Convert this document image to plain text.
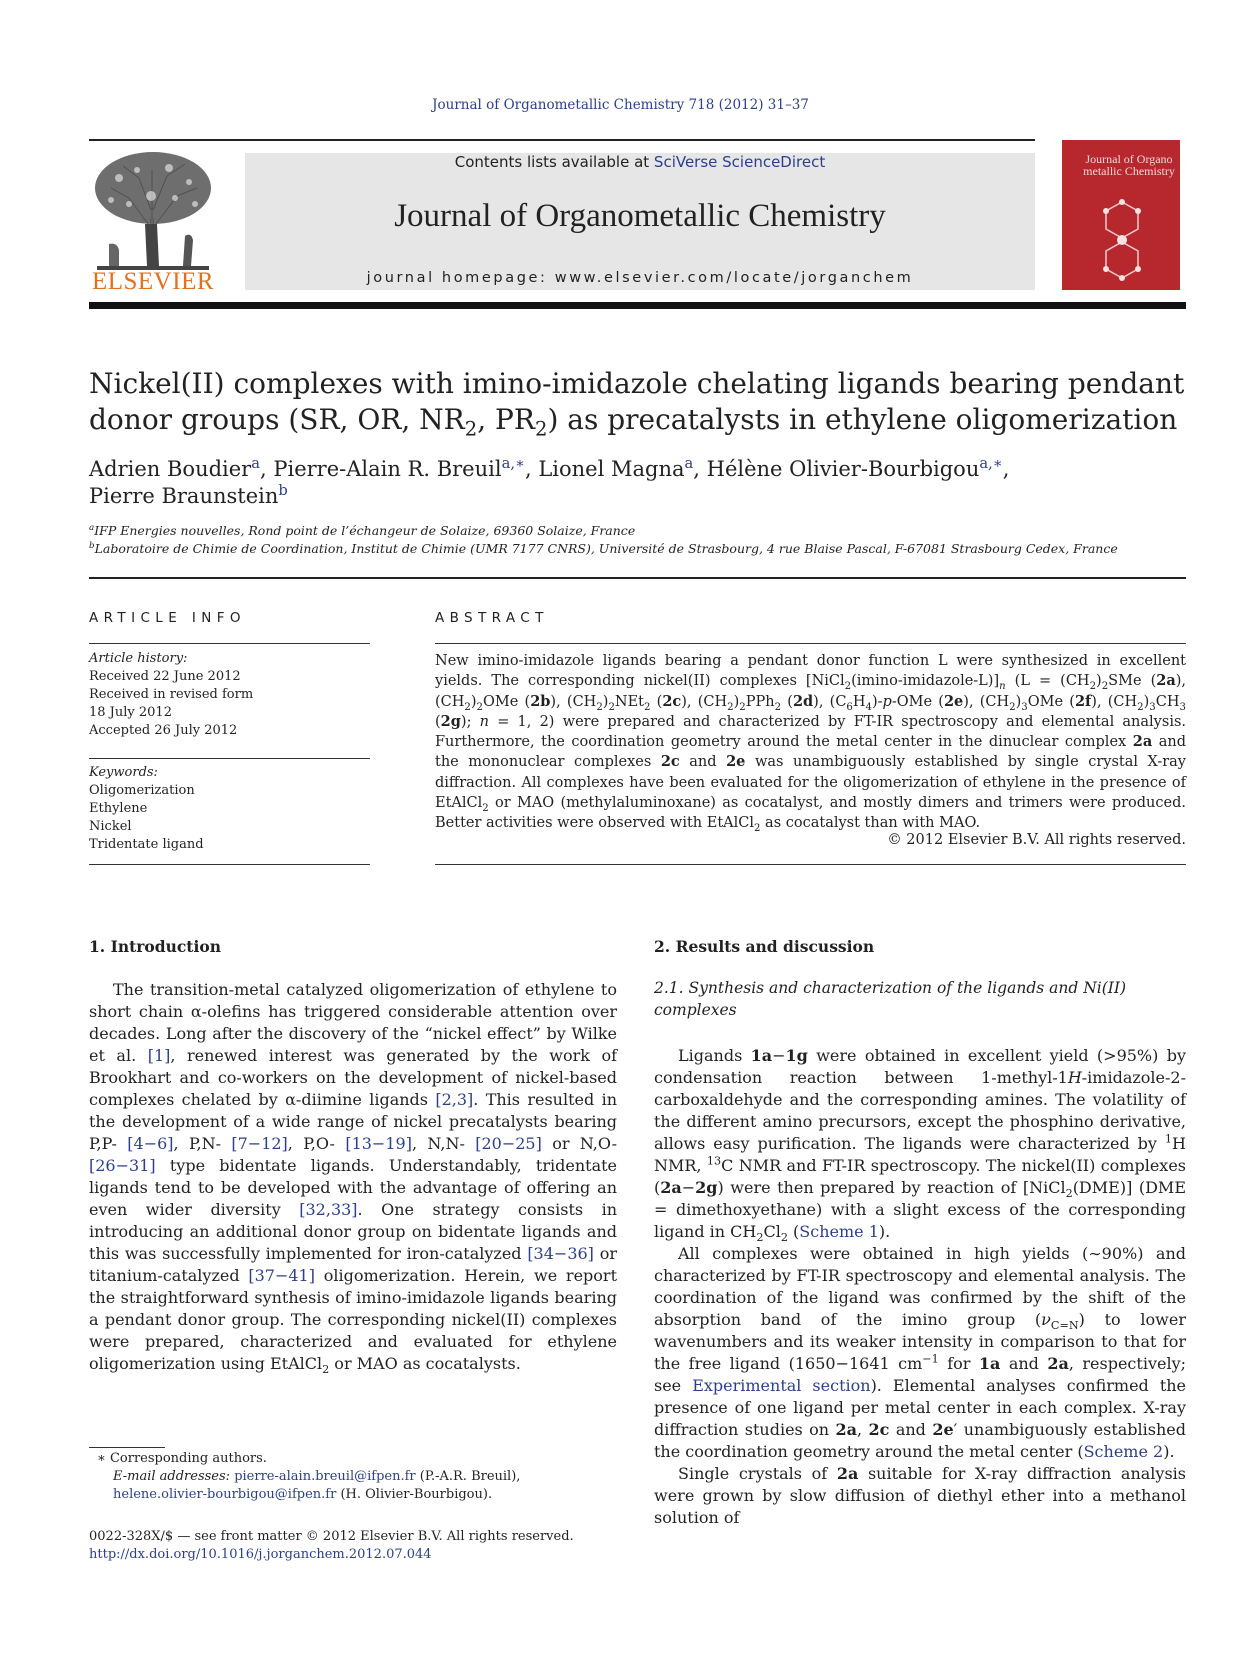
Journal of Organometallic Chemistry 718 (2012) 31–37
ELSEVIER
Contents lists available at SciVerse ScienceDirect
Journal of Organometallic Chemistry
journal homepage: www.elsevier.com/locate/jorganchem
Journal of Organo metallic Chemistry
Nickel(II) complexes with imino-imidazole chelating ligands bearing pendant
donor groups (SR, OR, $NR_2$, $PR_2$) as precatalysts in ethylene oligomerization
Adrien Boudier$^a$, Pierre-Alain R. Breuil$^{a,∗}$, Lionel Magna$^a$, Hélène Olivier-Bourbigou$^{a,∗}$,
Pierre Braunstein$^b$
$^a$IFP Energies nouvelles, Rond point de l’échangeur de Solaize, 69360 Solaize, France
$^b$Laboratoire de Chimie de Coordination, Institut de Chimie (UMR 7177 CNRS), Université de Strasbourg, 4 rue Blaise Pascal, F-67081 Strasbourg Cedex, France
ARTICLE INFO	ABSTRACT
Article history:
Received 22 June 2012
Received in revised form
18 July 2012
Accepted 26 July 2012
Keywords:
Oligomerization
Ethylene
Nickel
Tridentate ligand
New imino-imidazole ligands bearing a pendant donor function L were synthesized in excellent yields. The corresponding nickel(II) complexes $[NiCl_2(imino-imidazole-L)]_n$ ($L = (CH_2)_2SMe$ (2a), $(CH_2)_2OMe$ (2b), $(CH_2)_2NEt_2$ (2c), $(CH_2)_2PPh_2$ (2d), $(C_6H_4)-p$-OMe (2e), $(CH_2)_3OMe$ (2f), $(CH_2)_3CH_3$ (2g); n = 1, 2) were prepared and characterized by FT-IR spectroscopy and elemental analysis. Furthermore, the coordination geometry around the metal center in the dinuclear complex 2a and the mononuclear complexes 2c and 2e was unambiguously established by single crystal X-ray diffraction. All complexes have been evaluated for the oligomerization of ethylene in the presence of EtAlCl$_2$ or MAO (methylaluminoxane) as cocatalyst, and mostly dimers and trimers were produced. Better activities were observed with EtAlCl$_2$ as cocatalyst than with MAO.
© 2012 Elsevier B.V. All rights reserved.
1. Introduction	2. Results and discussion
2.1. Synthesis and characterization of the ligands and Ni(II) complexes

The transition-metal catalyzed oligomerization of ethylene to short chain α-olefins has triggered considerable attention over decades. Long after the discovery of the “nickel effect” by Wilke et al. [1], renewed interest was generated by the work of Brookhart and co-workers on the development of nickel-based complexes chelated by α-diimine ligands [2,3]. This resulted in the development of a wide range of nickel precatalysts bearing P,P- [4−6], P,N- [7−12], P,O- [13−19], N,N- [20−25] or N,O- [26−31] type bidentate ligands. Understandably, tridentate ligands tend to be developed with the advantage of offering an even wider diversity [32,33]. One strategy consists in introducing an additional donor group on bidentate ligands and this was successfully implemented for iron-catalyzed [34−36] or titanium-catalyzed [37−41] oligomerization. Herein, we report the straightforward synthesis of imino-imidazole ligands bearing a pendant donor group. The corresponding nickel(II) complexes were prepared, characterized and evaluated for ethylene oligomerization using EtAlCl$_2$ or MAO as cocatalysts.

Ligands 1a−1g were obtained in excellent yield (>95%) by condensation reaction between 1-methyl-1H-imidazole-2-carboxaldehyde and the corresponding amines. The volatility of the different amino precursors, except the phosphino derivative, allows easy purification. The ligands were characterized by $^1$H NMR, $^{13}$C NMR and FT-IR spectroscopy. The nickel(II) complexes (2a−2g) were then prepared by reaction of [NiCl$_2$(DME)] (DME = dimethoxyethane) with a slight excess of the corresponding ligand in $CH_2Cl_2$ (Scheme 1).

All complexes were obtained in high yields (∼90%) and characterized by FT-IR spectroscopy and elemental analysis. The coordination of the ligand was confirmed by the shift of the absorption band of the imino group $(\nu_{C=N})$ to lower wavenumbers and its weaker intensity in comparison to that for the free ligand (1650−1641 $cm^{-1}$ for 1a and 2a, respectively; see Experimental section). Elemental analyses confirmed the presence of one ligand per metal center in each complex. X-ray diffraction studies on 2a, 2c and 2e′ unambiguously established the coordination geometry around the metal center (Scheme 2).

Single crystals of 2a suitable for X-ray diffraction analysis were grown by slow diffusion of diethyl ether into a methanol solution of

∗ Corresponding authors.
E-mail addresses: pierre-alain.breuil@ifpen.fr (P.-A.R. Breuil), helene.olivier-bourbigou@ifpen.fr (H. Olivier-Bourbigou).
0022-328X/$ — see front matter © 2012 Elsevier B.V. All rights reserved.
http://dx.doi.org/10.1016/j.jorganchem.2012.07.044
